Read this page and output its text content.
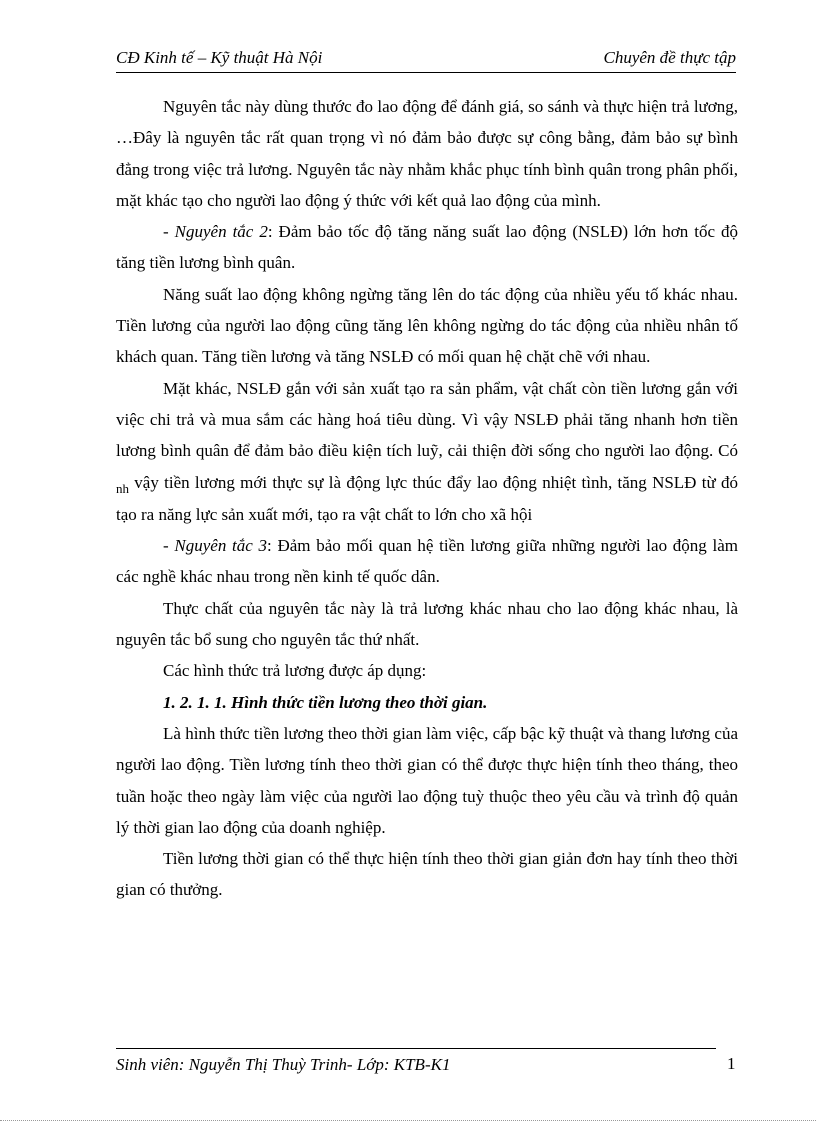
CĐ Kinh tế – Kỹ thuật Hà Nội	Chuyên đề thực tập

Nguyên tắc này dùng thước đo lao động để đánh giá, so sánh và thực hiện trả lương, …Đây là nguyên tắc rất quan trọng vì nó đảm bảo được sự công bằng, đảm bảo sự bình đẳng trong việc trả lương. Nguyên tắc này nhằm khắc phục tính bình quân trong phân phối, mặt khác tạo cho người lao động ý thức với kết quả lao động của mình.

- Nguyên tắc 2: Đảm bảo tốc độ tăng năng suất lao động (NSLĐ) lớn hơn tốc độ tăng tiền lương bình quân.

Năng suất lao động không ngừng tăng lên do tác động của nhiều yếu tố khác nhau. Tiền lương của người lao động cũng tăng lên không ngừng do tác động của nhiều nhân tố khách quan. Tăng tiền lương và tăng NSLĐ có mối quan hệ chặt chẽ với nhau.

Mặt khác, NSLĐ gắn với sản xuất tạo ra sản phẩm, vật chất còn tiền lương gắn với việc chi trả và mua sắm các hàng hoá tiêu dùng. Vì vậy NSLĐ phải tăng nhanh hơn tiền lương bình quân để đảm bảo điều kiện tích luỹ, cải thiện đời sống cho người lao động. Có $_{nh}$ vậy tiền lương mới thực sự là động lực thúc đẩy lao động nhiệt tình, tăng NSLĐ từ đó tạo ra năng lực sản xuất mới, tạo ra vật chất to lớn cho xã hội

- Nguyên tắc 3: Đảm bảo mối quan hệ tiền lương giữa những người lao động làm các nghề khác nhau trong nền kinh tế quốc dân.

Thực chất của nguyên tắc này là trả lương khác nhau cho lao động khác nhau, là nguyên tắc bổ sung cho nguyên tắc thứ nhất.

Các hình thức trả lương được áp dụng:

1. 2. 1. 1. Hình thức tiền lương theo thời gian.

Là hình thức tiền lương theo thời gian làm việc, cấp bậc kỹ thuật và thang lương của người lao động. Tiền lương tính theo thời gian có thể được thực hiện tính theo tháng, theo tuần hoặc theo ngày làm việc của người lao động tuỳ thuộc theo yêu cầu và trình độ quản lý thời gian lao động của doanh nghiệp.

Tiền lương thời gian có thể thực hiện tính theo thời gian giản đơn hay tính theo thời gian có thưởng.

Sinh viên: Nguyễn Thị Thuỳ Trinh- Lớp: KTB-K1	1
